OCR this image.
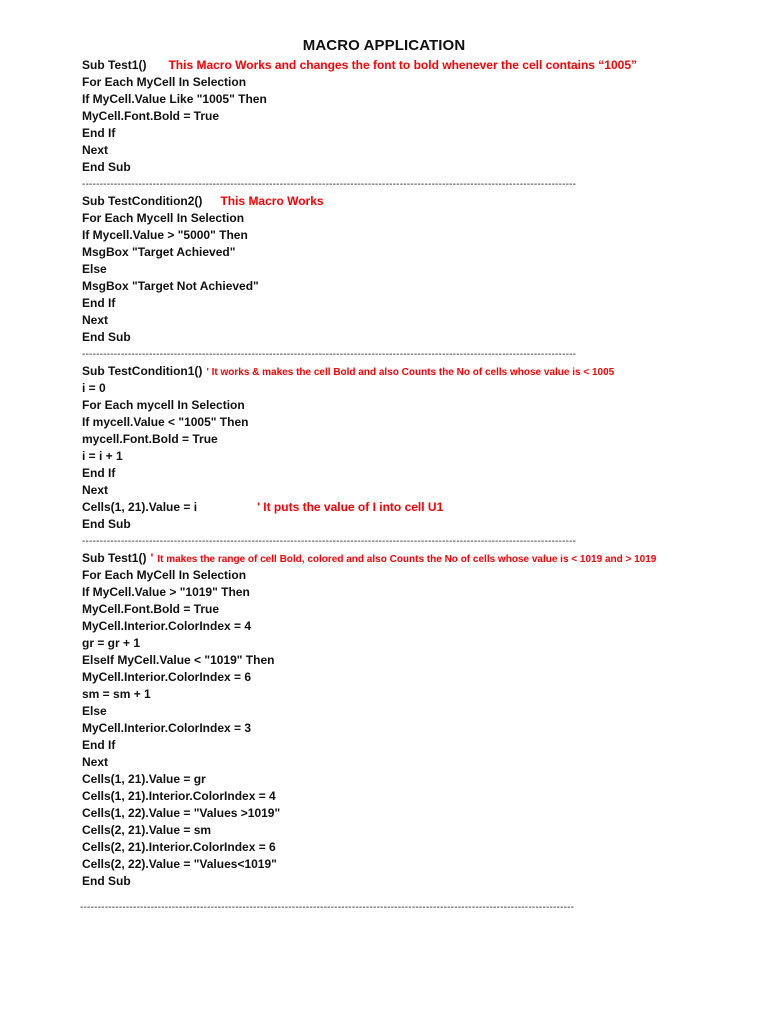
MACRO APPLICATION
Sub Test1() This Macro Works and changes the font to bold whenever the cell contains “1005”
For Each MyCell In Selection
If MyCell.Value Like "1005" Then
MyCell.Font.Bold = True
End If
Next
End Sub
--------------------------------------------------------------------------------------------------------------------------------------------
Sub TestCondition2() This Macro Works
For Each Mycell In Selection
If Mycell.Value > "5000" Then
MsgBox "Target Achieved"
Else
MsgBox "Target Not Achieved"
End If
Next
End Sub
--------------------------------------------------------------------------------------------------------------------------------------------
Sub TestCondition1() ' It works & makes the cell Bold and also Counts the No of cells whose value is < 1005
i = 0
For Each mycell In Selection
If mycell.Value < "1005" Then
mycell.Font.Bold = True
i = i + 1
End If
Next
Cells(1, 21).Value = i	' It puts the value of I into cell U1
End Sub
--------------------------------------------------------------------------------------------------------------------------------------------
Sub Test1() ' It makes the range of cell Bold, colored and also Counts the No of cells whose value is < 1019 and > 1019
For Each MyCell In Selection
If MyCell.Value > "1019" Then
MyCell.Font.Bold = True
MyCell.Interior.ColorIndex = 4
gr = gr + 1
ElseIf MyCell.Value < "1019" Then
MyCell.Interior.ColorIndex = 6
sm = sm + 1
Else
MyCell.Interior.ColorIndex = 3
End If
Next
Cells(1, 21).Value = gr
Cells(1, 21).Interior.ColorIndex = 4
Cells(1, 22).Value = "Values >1019"
Cells(2, 21).Value = sm
Cells(2, 21).Interior.ColorIndex = 6
Cells(2, 22).Value = "Values<1019"
End Sub
--------------------------------------------------------------------------------------------------------------------------------------------
